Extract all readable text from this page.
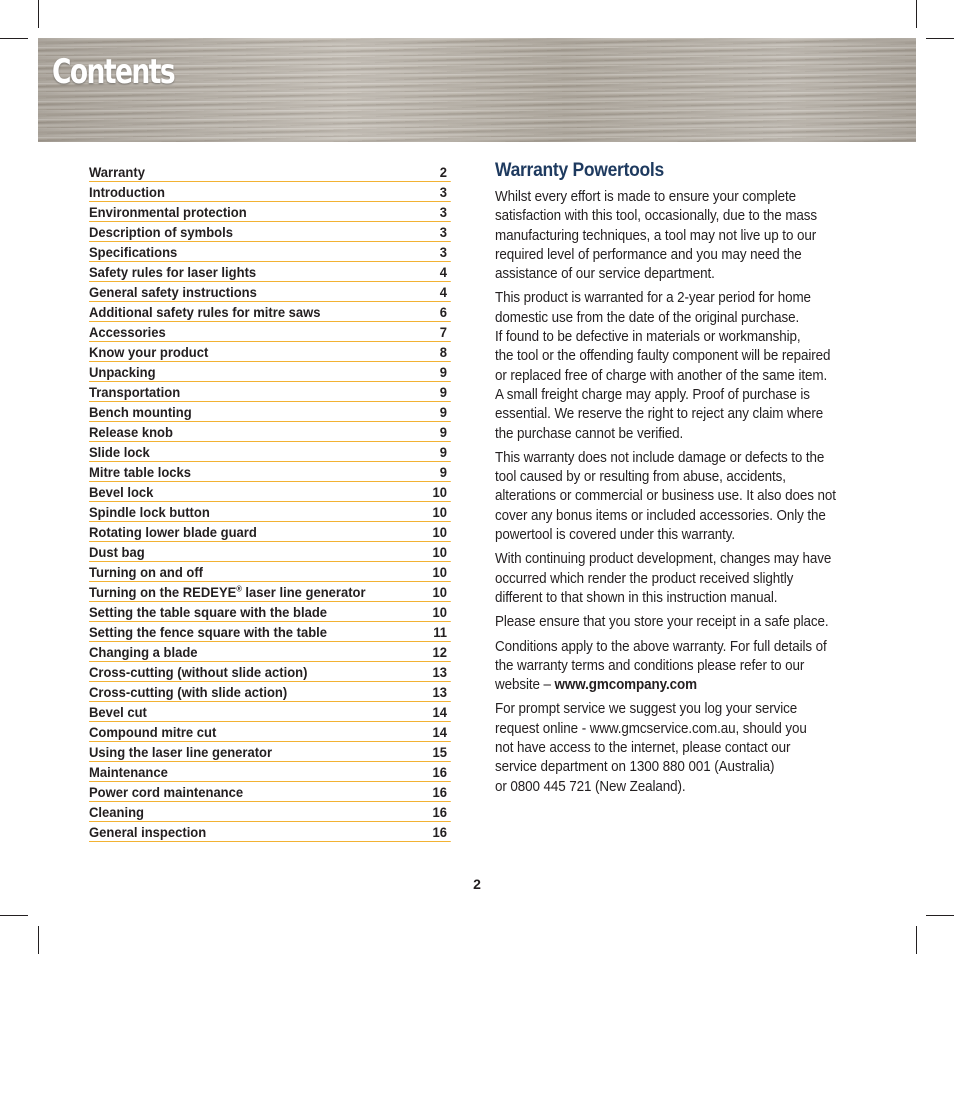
Contents
Warranty	2
Introduction	3
Environmental protection	3
Description of symbols	3
Specifications	3
Safety rules for laser lights	4
General safety instructions	4
Additional safety rules for mitre saws	6
Accessories	7
Know your product	8
Unpacking	9
Transportation	9
Bench mounting	9
Release knob	9
Slide lock	9
Mitre table locks	9
Bevel lock	10
Spindle lock button	10
Rotating lower blade guard	10
Dust bag	10
Turning on and off	10
Turning on the REDEYE® laser line generator	10
Setting the table square with the blade	10
Setting the fence square with the table	11
Changing a blade	12
Cross-cutting (without slide action)	13
Cross-cutting (with slide action)	13
Bevel cut	14
Compound mitre cut	14
Using the laser line generator	15
Maintenance	16
Power cord maintenance	16
Cleaning	16
General inspection	16
Warranty Powertools

Whilst every effort is made to ensure your complete
satisfaction with this tool, occasionally, due to the mass
manufacturing techniques, a tool may not live up to our
required level of performance and you may need the
assistance of our service department.

This product is warranted for a 2-year period for home
domestic use from the date of the original purchase.
If found to be defective in materials or workmanship,
the tool or the offending faulty component will be repaired
or replaced free of charge with another of the same item.
A small freight charge may apply. Proof of purchase is
essential. We reserve the right to reject any claim where
the purchase cannot be verified.

This warranty does not include damage or defects to the
tool caused by or resulting from abuse, accidents,
alterations or commercial or business use. It also does not
cover any bonus items or included accessories. Only the
powertool is covered under this warranty.

With continuing product development, changes may have
occurred which render the product received slightly
different to that shown in this instruction manual.

Please ensure that you store your receipt in a safe place.

Conditions apply to the above warranty. For full details of
the warranty terms and conditions please refer to our
website – www.gmcompany.com

For prompt service we suggest you log your service
request online - www.gmcservice.com.au, should you
not have access to the internet, please contact our
service department on 1300 880 001 (Australia)
or 0800 445 721 (New Zealand).

2
